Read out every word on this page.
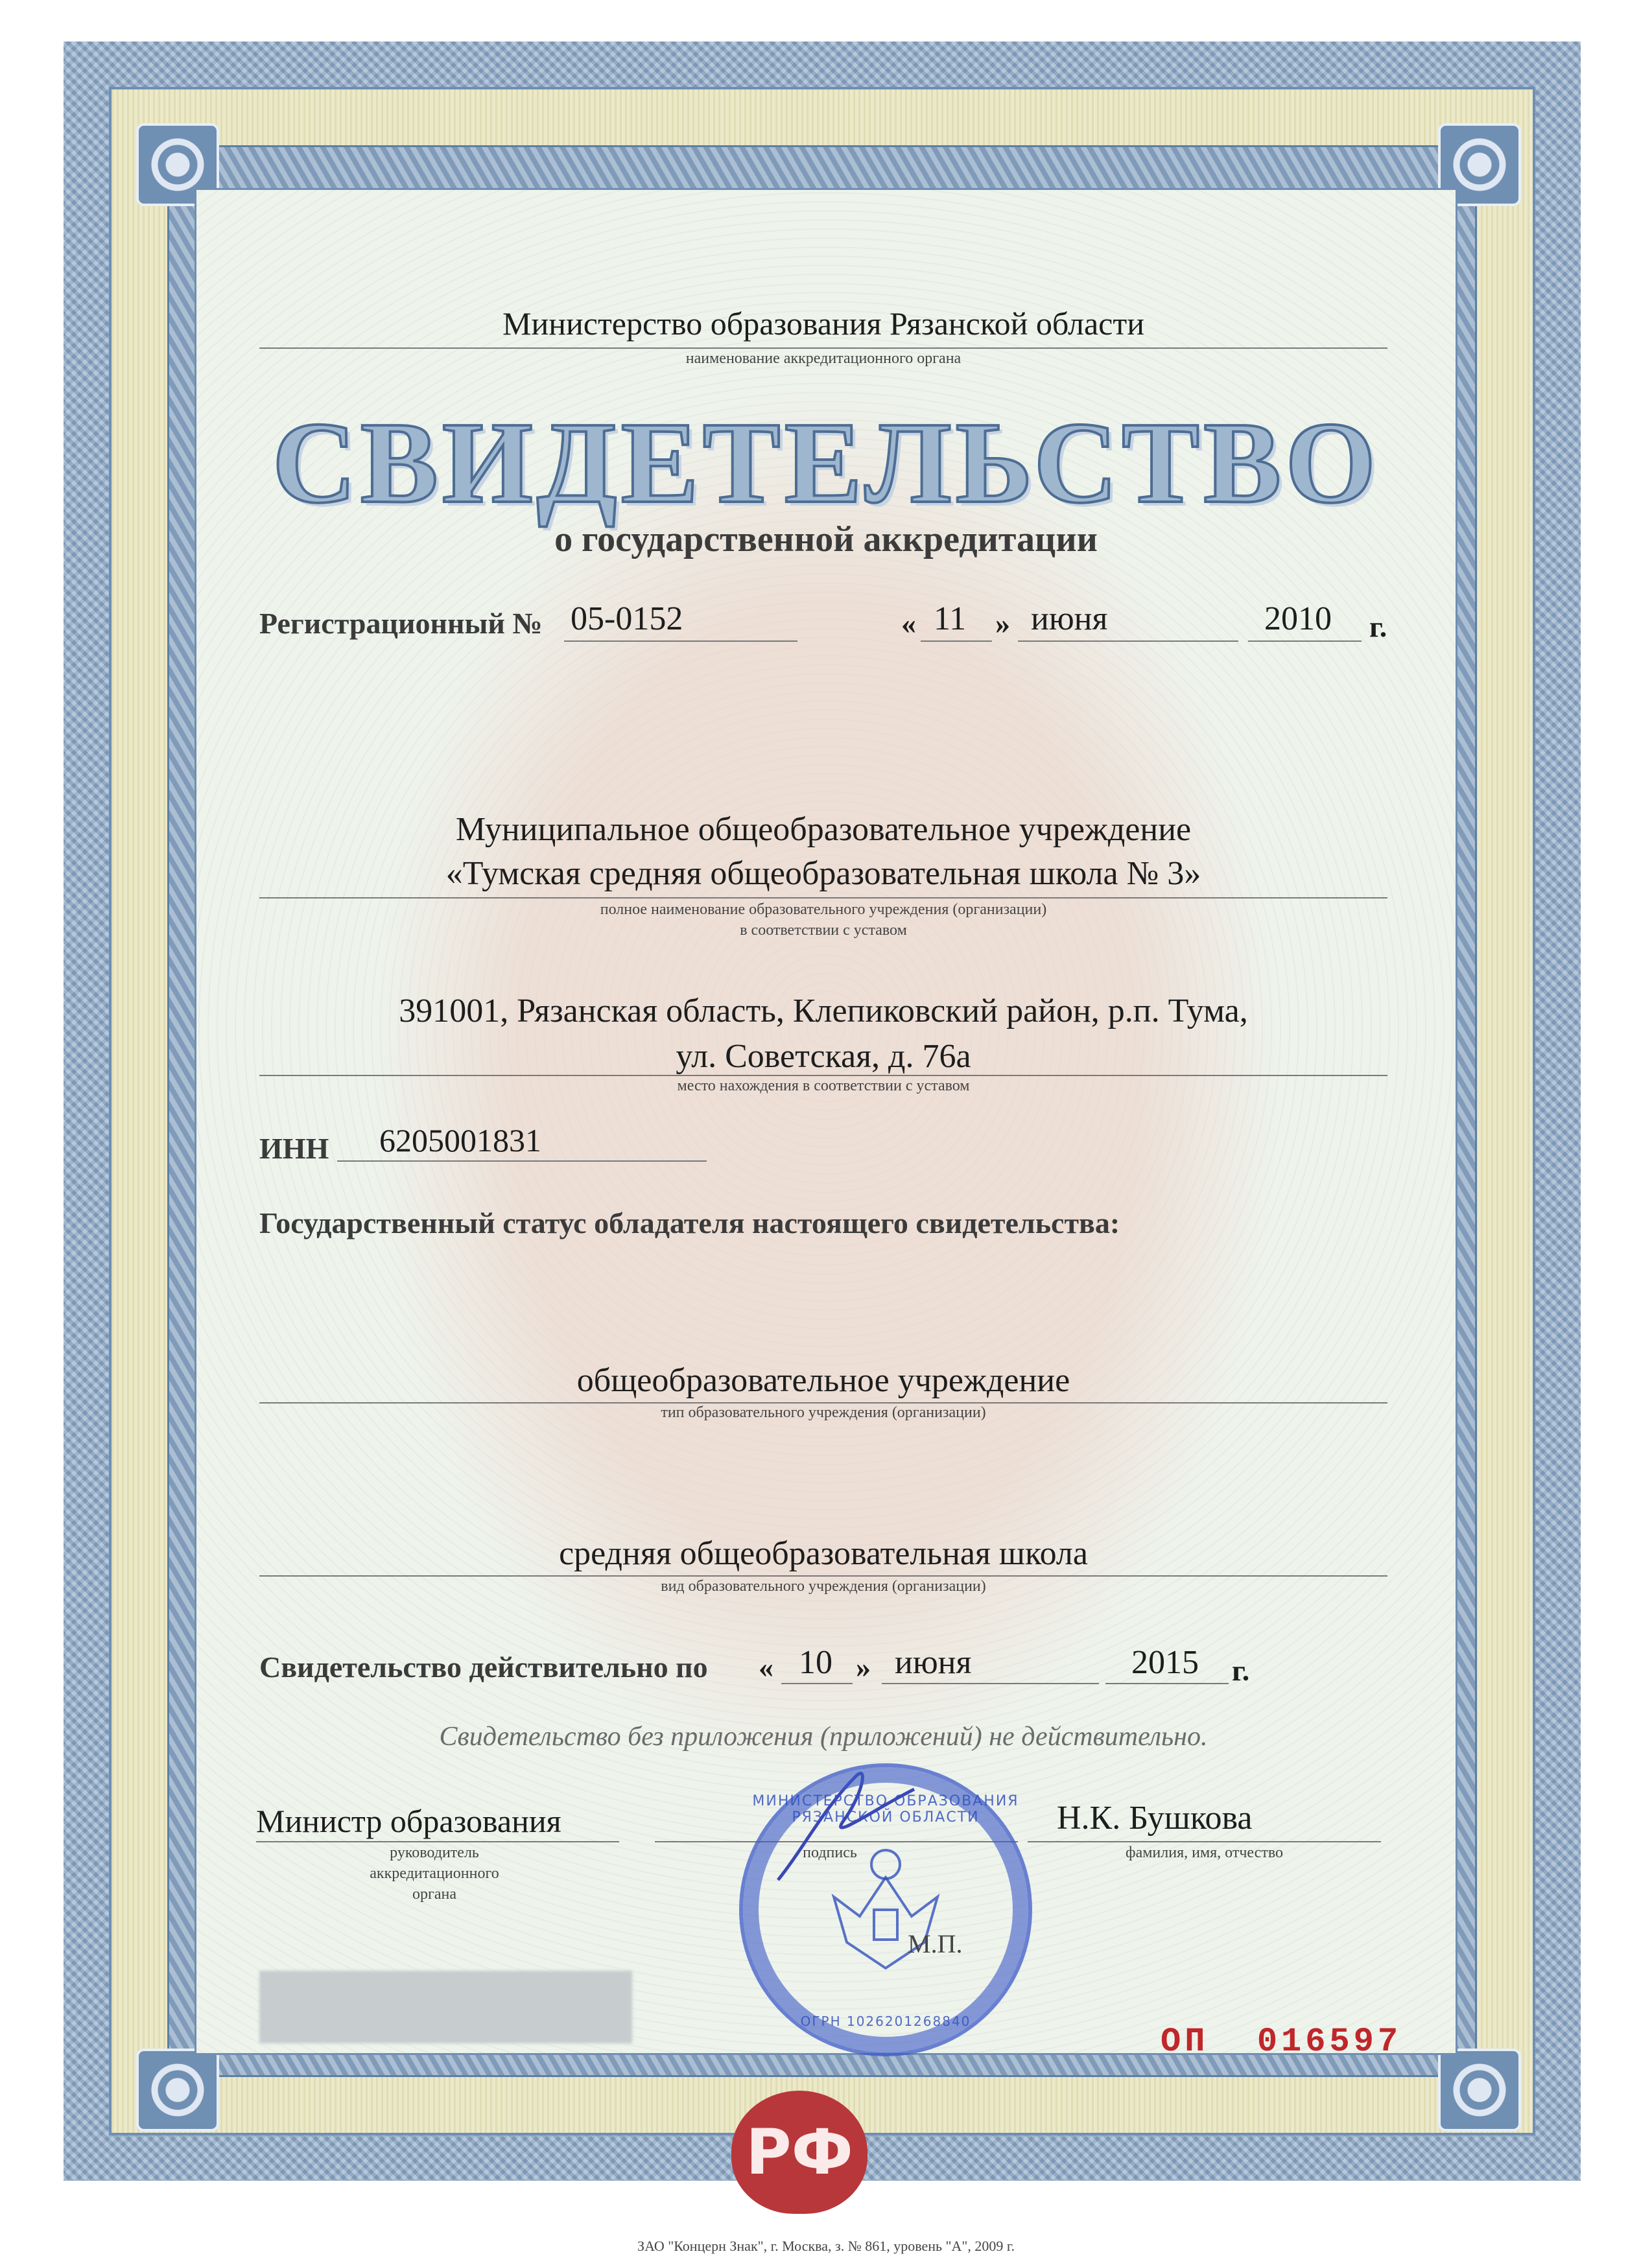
Министерство образования Рязанской области
наименование аккредитационного органа
СВИДЕТЕЛЬСТВО
о государственной аккредитации
Регистрационный № 05-0152	« 11 » июня	2010 г.
Муниципальное общеобразовательное учреждение
«Тумская средняя общеобразовательная школа № 3»
полное наименование образовательного учреждения (организации)
в соответствии с уставом
391001, Рязанская область, Клепиковский район, р.п. Тума,
ул. Советская, д. 76а
место нахождения в соответствии с уставом
ИНН 6205001831
Государственный статус обладателя настоящего свидетельства:
общеобразовательное учреждение
тип образовательного учреждения (организации)
средняя общеобразовательная школа
вид образовательного учреждения (организации)
Свидетельство действительно по « 10 » июня	2015 г.
Свидетельство без приложения (приложений) не действительно.
Министр образования
руководитель
аккредитационного
органа
подпись
Н.К. Бушкова
фамилия, имя, отчество
МИНИСТЕРСТВО ОБРАЗОВАНИЯ РЯЗАНСКОЙ ОБЛАСТИ
ОГРН 1026201268840
М.П.
ОП  016597
РФ
ЗАО "Концерн Знак", г. Москва, з. № 861, уровень "А", 2009 г.
